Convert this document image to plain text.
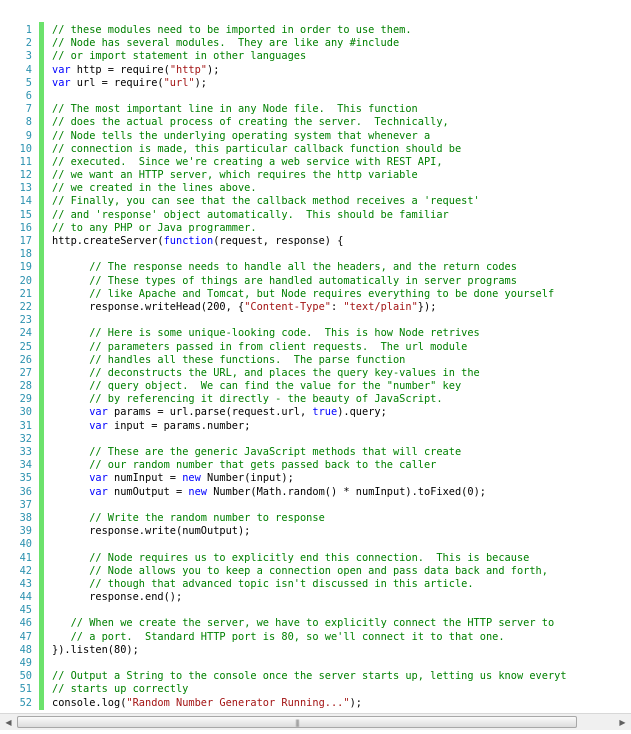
1
2
3
4
5
6
7
8
9
10
11
12
13
14
15
16
17
18
19
20
21
22
23
24
25
26
27
28
29
30
31
32
33
34
35
36
37
38
39
40
41
42
43
44
45
46
47
48
49
50
51
52
// these modules need to be imported in order to use them.
// Node has several modules.  They are like any #include
// or import statement in other languages
var http = require("http");
var url = require("url");
// The most important line in any Node file.  This function
// does the actual process of creating the server.  Technically,
// Node tells the underlying operating system that whenever a
// connection is made, this particular callback function should be
// executed.  Since we're creating a web service with REST API,
// we want an HTTP server, which requires the http variable
// we created in the lines above.
// Finally, you can see that the callback method receives a 'request'
// and 'response' object automatically.  This should be familiar
// to any PHP or Java programmer.
http.createServer(function(request, response) {
// The response needs to handle all the headers, and the return codes
// These types of things are handled automatically in server programs
// like Apache and Tomcat, but Node requires everything to be done yourself
response.writeHead(200, {"Content-Type": "text/plain"});
// Here is some unique-looking code.  This is how Node retrives
// parameters passed in from client requests.  The url module
// handles all these functions.  The parse function
// deconstructs the URL, and places the query key-values in the
// query object.  We can find the value for the "number" key
// by referencing it directly - the beauty of JavaScript.
var params = url.parse(request.url, true).query;
var input = params.number;
// These are the generic JavaScript methods that will create
// our random number that gets passed back to the caller
var numInput = new Number(input);
var numOutput = new Number(Math.random() * numInput).toFixed(0);
// Write the random number to response
response.write(numOutput);
// Node requires us to explicitly end this connection.  This is because
// Node allows you to keep a connection open and pass data back and forth,
// though that advanced topic isn't discussed in this article.
response.end();
// When we create the server, we have to explicitly connect the HTTP server to
// a port.  Standard HTTP port is 80, so we'll connect it to that one.
}).listen(80);
// Output a String to the console once the server starts up, letting us know everyt
// starts up correctly
console.log("Random Number Generator Running...");
◀	|||	▶
